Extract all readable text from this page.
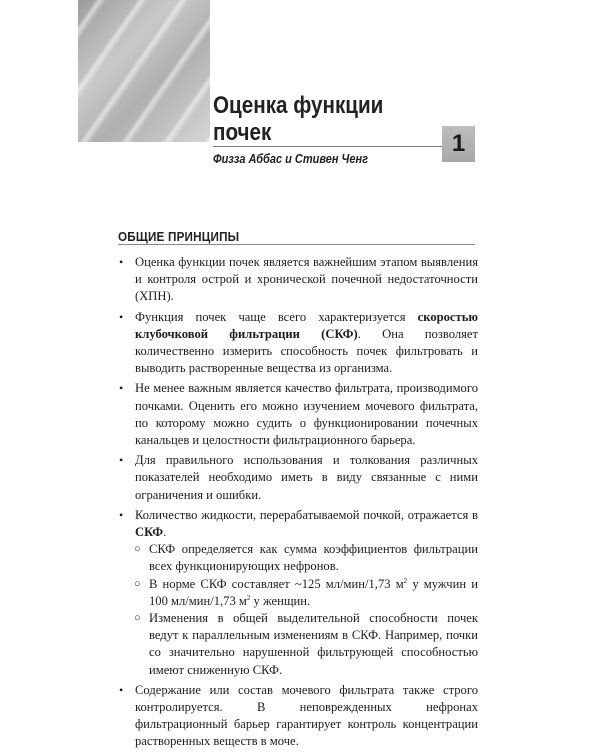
Оценка функции
почек	1
Физза Аббас и Стивен Ченг
ОБЩИЕ ПРИНЦИПЫ
• Оценка функции почек является важнейшим этапом выявления и контроля острой и хронической почечной недостаточности (ХПН).
• Функция почек чаще всего характеризуется скоростью клубочковой фильтрации (СКФ). Она позволяет количественно измерить способность почек фильтровать и выводить растворенные вещества из организма.
• Не менее важным является качество фильтрата, производимого почками. Оценить его можно изучением мочевого фильтрата, по которому можно судить о функционировании почечных канальцев и целостности фильтрационного барьера.
• Для правильного использования и толкования различных показателей необходимо иметь в виду связанные с ними ограничения и ошибки.
• Количество жидкости, перерабатываемой почкой, отражается в СКФ.
○ СКФ определяется как сумма коэффициентов фильтрации всех функционирующих нефронов.
○ В норме СКФ составляет ~125 мл/мин/1,73 $м^2$ у мужчин и 100 мл/мин/1,73 $м^2$ у женщин.
○ Изменения в общей выделительной способности почек ведут к параллельным изменениям в СКФ. Например, почки со значительно нарушенной фильтрующей способностью имеют сниженную СКФ.
• Содержание или состав мочевого фильтрата также строго контролируется. В неповрежденных нефронах фильтрационный барьер гарантирует контроль концентрации растворенных веществ в моче.
